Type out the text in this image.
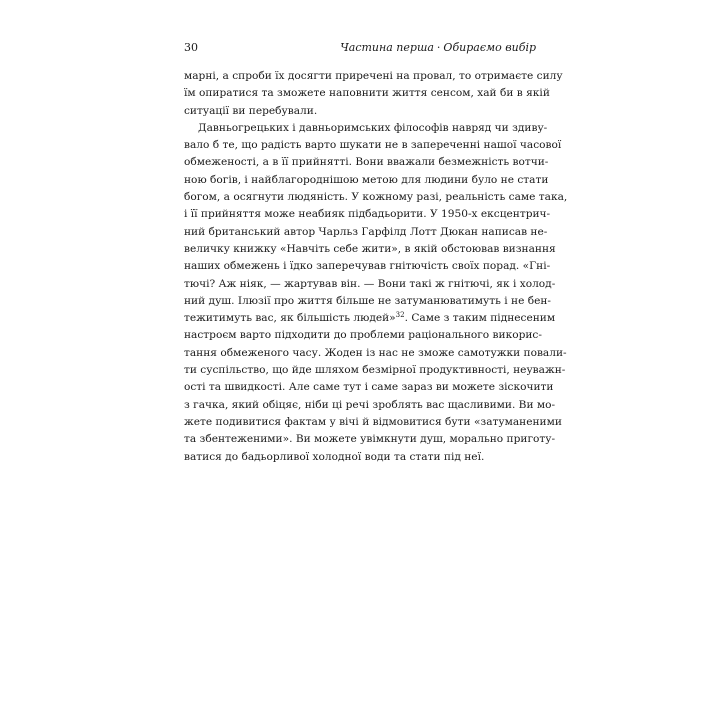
30	Частина перша · Обираємо вибір
марні, а спроби їх досягти приречені на провал, то отримаєте силу
їм опиратися та зможете наповнити життя сенсом, хай би в якій
ситуації ви перебували.
Давньогрецьких і давньоримських філософів навряд чи здиву-
вало б те, що радість варто шукати не в запереченні нашої часової
обмеженості, а в її прийнятті. Вони вважали безмежність вотчи-
ною богів, і найблагороднішою метою для людини було не стати
богом, а осягнути людяність. У кожному разі, реальність саме така,
і її прийняття може неабияк підбадьорити. У 1950-х ексцентрич-
ний британський автор Чарльз Гарфілд Лотт Дюкан написав не-
величку книжку «Навчіть себе жити», в якій обстоював визнання
наших обмежень і їдко заперечував гнітючість своїх порад. «Гні-
тючі? Аж ніяк, — жартував він. — Вони такі ж гнітючі, як і холод-
ний душ. Ілюзії про життя більше не затуманюватимуть і не бен-
тежитимуть вас, як більшість людей»$^{32}$. Саме з таким піднесеним
настроєм варто підходити до проблеми раціонального викорис-
тання обмеженого часу. Жоден із нас не зможе самотужки повали-
ти суспільство, що йде шляхом безмірної продуктивності, неуважн-
ості та швидкості. Але саме тут і саме зараз ви можете зіскочити
з гачка, який обіцяє, ніби ці речі зроблять вас щасливими. Ви мо-
жете подивитися фактам у вічі й відмовитися бути «затуманеними
та збентеженими». Ви можете увімкнути душ, морально приготу-
ватися до бадьорливої холодної води та стати під неї.
